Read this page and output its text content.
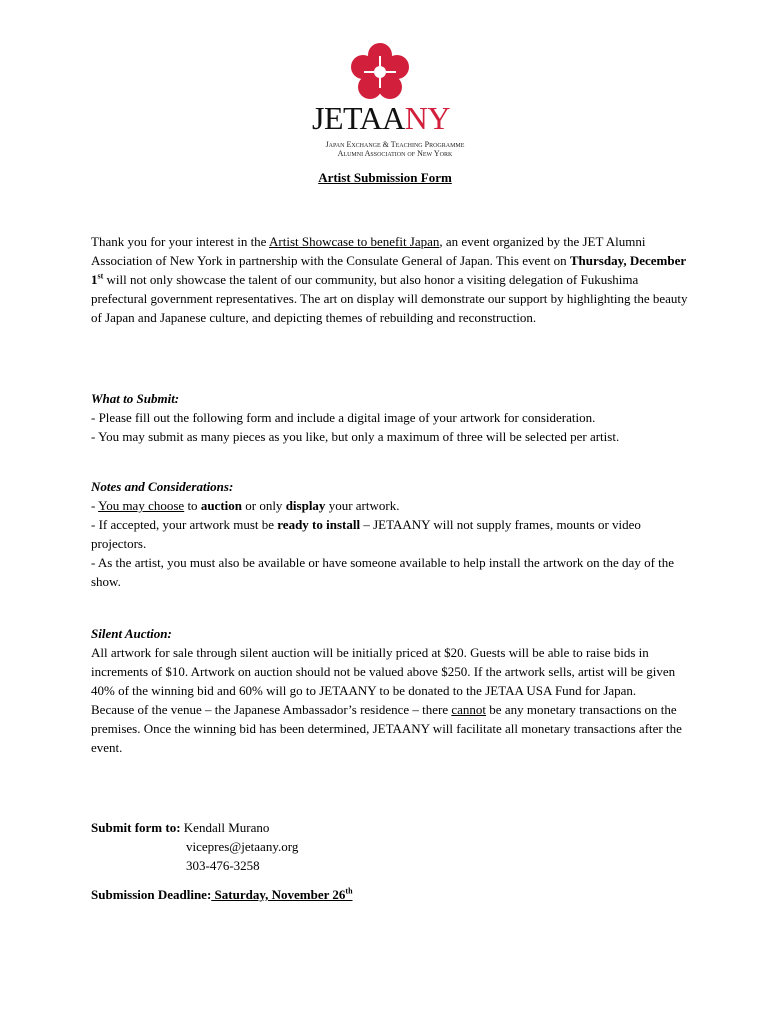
JETAANY
Japan Exchange & Teaching Programme
Alumni Association of New York
Artist Submission Form

Thank you for your interest in the Artist Showcase to benefit Japan, an event organized by the JET Alumni Association of New York in partnership with the Consulate General of Japan. This event on Thursday, December 1st will not only showcase the talent of our community, but also honor a visiting delegation of Fukushima prefectural government representatives. The art on display will demonstrate our support by highlighting the beauty of Japan and Japanese culture, and depicting themes of rebuilding and reconstruction.

What to Submit:

- Please fill out the following form and include a digital image of your artwork for consideration.

- You may submit as many pieces as you like, but only a maximum of three will be selected per artist.

Notes and Considerations:

- You may choose to auction or only display your artwork.

- If accepted, your artwork must be ready to install – JETAANY will not supply frames, mounts or video projectors.

- As the artist, you must also be available or have someone available to help install the artwork on the day of the show.

Silent Auction:

All artwork for sale through silent auction will be initially priced at $20. Guests will be able to raise bids in increments of $10. Artwork on auction should not be valued above $250. If the artwork sells, artist will be given 40% of the winning bid and 60% will go to JETAANY to be donated to the JETAA USA Fund for Japan.

Because of the venue – the Japanese Ambassador’s residence – there cannot be any monetary transactions on the premises. Once the winning bid has been determined, JETAANY will facilitate all monetary transactions after the event.

Submit form to: Kendall Murano

vicepres@jetaany.org

303-476-3258

Submission Deadline: Saturday, November 26th
